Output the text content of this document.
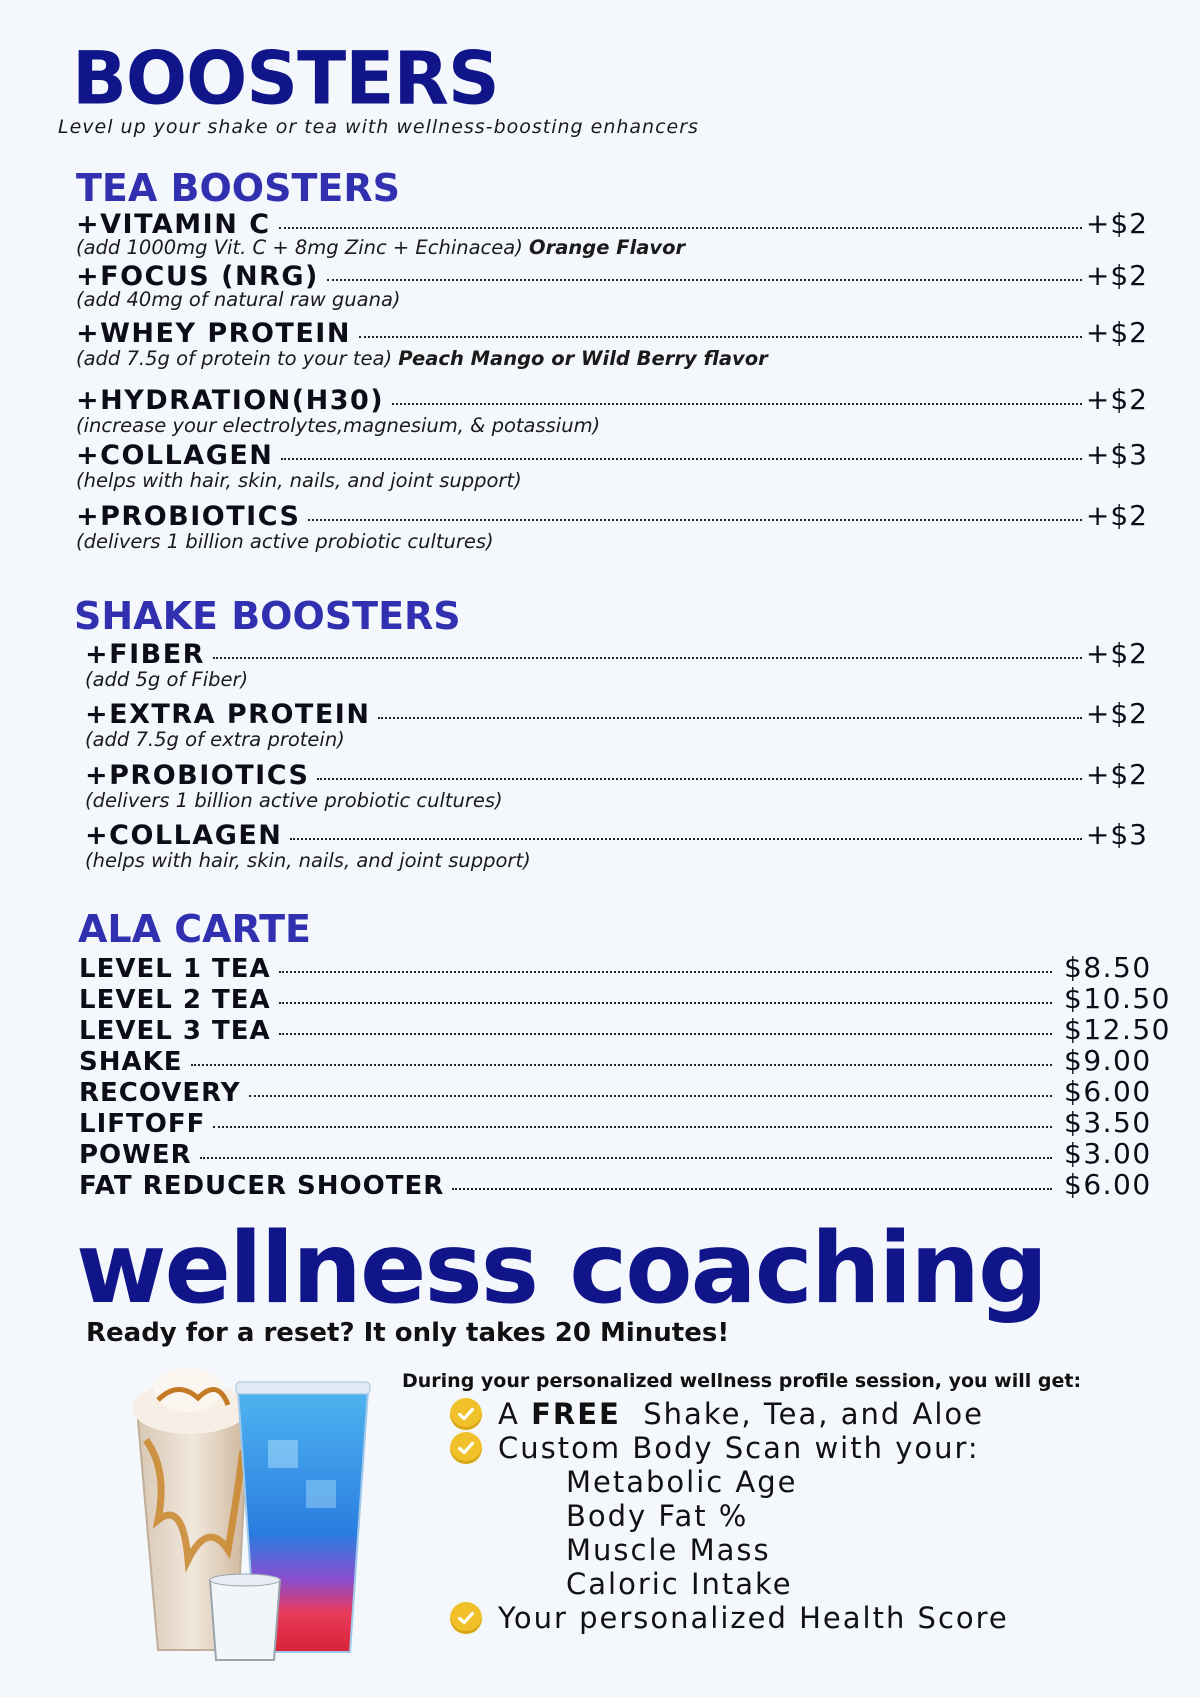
BOOSTERS
Level up your shake or tea with wellness-boosting enhancers
TEA BOOSTERS
+VITAMIN C	+$2
(add 1000mg Vit. C + 8mg Zinc + Echinacea) Orange Flavor
+FOCUS (NRG)	+$2
(add 40mg of natural raw guana)
+WHEY PROTEIN	+$2
(add 7.5g of protein to your tea) Peach Mango or Wild Berry flavor
+HYDRATION(H30)	+$2
(increase your electrolytes,magnesium, & potassium)
+COLLAGEN	+$3
(helps with hair, skin, nails, and joint support)
+PROBIOTICS	+$2
(delivers 1 billion active probiotic cultures)
SHAKE BOOSTERS
+FIBER	+$2
(add 5g of Fiber)
+EXTRA PROTEIN	+$2
(add 7.5g of extra protein)
+PROBIOTICS	+$2
(delivers 1 billion active probiotic cultures)
+COLLAGEN	+$3
(helps with hair, skin, nails, and joint support)
ALA CARTE
LEVEL 1 TEA	$8.50
LEVEL 2 TEA	$10.50
LEVEL 3 TEA	$12.50
SHAKE	$9.00
RECOVERY	$6.00
LIFTOFF	$3.50
POWER	$3.00
FAT REDUCER SHOOTER	$6.00
wellness coaching
Ready for a reset? It only takes 20 Minutes!
During your personalized wellness profile session, you will get:
A
FREE
Shake, Tea, and Aloe
Custom Body Scan with your:
Metabolic Age
Body Fat %
Muscle Mass
Caloric Intake
Your personalized Health Score
